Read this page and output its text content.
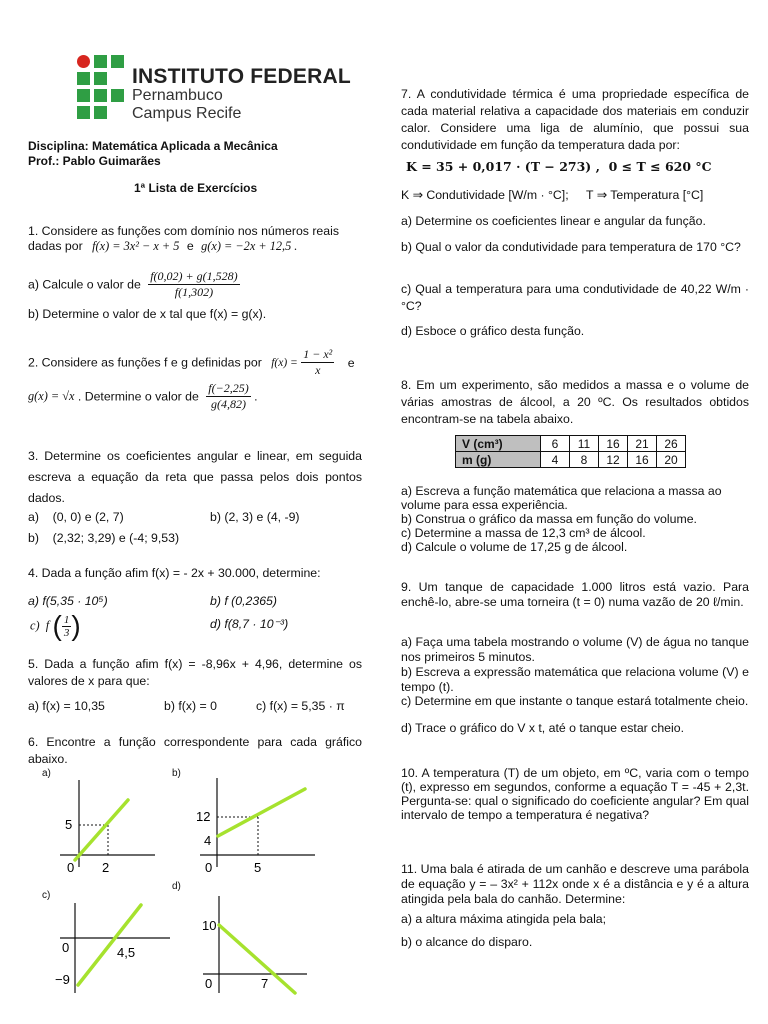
INSTITUTO FEDERAL
Pernambuco
Campus Recife
Disciplina: Matemática Aplicada a Mecânica
Prof.: Pablo Guimarães
1ª Lista de Exercícios
1. Considere as funções com domínio nos números reais
dadas por f(x) = 3x² − x + 5 e g(x) = −2x + 12,5 .
a) Calcule o valor de $\frac{f(0,02) + g(1,528)}{f(1,302)}$
b) Determine o valor de x tal que f(x) = g(x).
2. Considere as funções f e g definidas por $f(x) = \frac{\text{1 − x²}}{x}$ e
g(x) = √x . Determine o valor de $\frac{f(-2,25)}{g(4,82)}$ .

3. Determine os coeficientes angular e linear, em seguida escreva a equação da reta que passa pelos dois pontos dados.

a)    (0, 0) e (2, 7)	b) (2, 3) e (4, -9)
b)    (2,32; 3,29) e (-4; 9,53)
4. Dada a função afim f(x) = - 2x + 30.000, determine:
a) f(5,35 · 10⁵)	b) f (0,2365)
c)  f ( $\frac{1}{3}$ )	d) f(8,7 · 10⁻³)

5. Dada a função afim f(x) = -8,96x + 4,96, determine os valores de x para que:

a) f(x) = 10,35	b) f(x) = 0	c) f(x) = 5,35 · π

6. Encontre a função correspondente para cada gráfico abaixo.

a)
5
2
0
b)
12
4
5
0
c)
0	4,5
−9
d)
10
0	7

7. A condutividade térmica é uma propriedade específica de cada material relativa a capacidade dos materiais em conduzir calor. Considere uma liga de alumínio, que possui sua condutividade em função da temperatura dada por:

K = 35 + 0,017 · (T − 273) ,  0 ≤ T ≤ 620 °C
K ⇒ Condutividade [W/m · °C]; T ⇒ Temperatura [°C]
a) Determine os coeficientes linear e angular da função.

b) Qual o valor da condutividade para temperatura de 170 °C?

c) Qual a temperatura para uma condutividade de 40,22 W/m · °C?

d) Esboce o gráfico desta função.

8. Em um experimento, são medidos a massa e o volume de várias amostras de álcool, a 20 ºC. Os resultados obtidos encontram-se na tabela abaixo.

V (cm³)	6	11	16	21	26
m (g)	4	8	12	16	20

a) Escreva a função matemática que relaciona a massa ao volume para essa experiência.

b) Construa o gráfico da massa em função do volume.
c) Determine a massa de 12,3 cm³ de álcool.
d) Calcule o volume de 17,25 g de álcool.

9. Um tanque de capacidade 1.000 litros está vazio. Para enchê-lo, abre-se uma torneira (t = 0) numa vazão de 20 ℓ/min.

a) Faça uma tabela mostrando o volume (V) de água no tanque nos primeiros 5 minutos.

b) Escreva a expressão matemática que relaciona volume (V) e tempo (t).

c) Determine em que instante o tanque estará totalmente cheio.

d) Trace o gráfico do V x t, até o tanque estar cheio.

10. A temperatura (T) de um objeto, em ºC, varia com o tempo (t), expresso em segundos, conforme a equação T = -45 + 2,3t. Pergunta-se: qual o significado do coeficiente angular? Em qual intervalo de tempo a temperatura é negativa?

11. Uma bala é atirada de um canhão e descreve uma parábola de equação y = – 3x² + 112x onde x é a distância e y é a altura atingida pela bala do canhão. Determine:

a) a altura máxima atingida pela bala;
b) o alcance do disparo.
